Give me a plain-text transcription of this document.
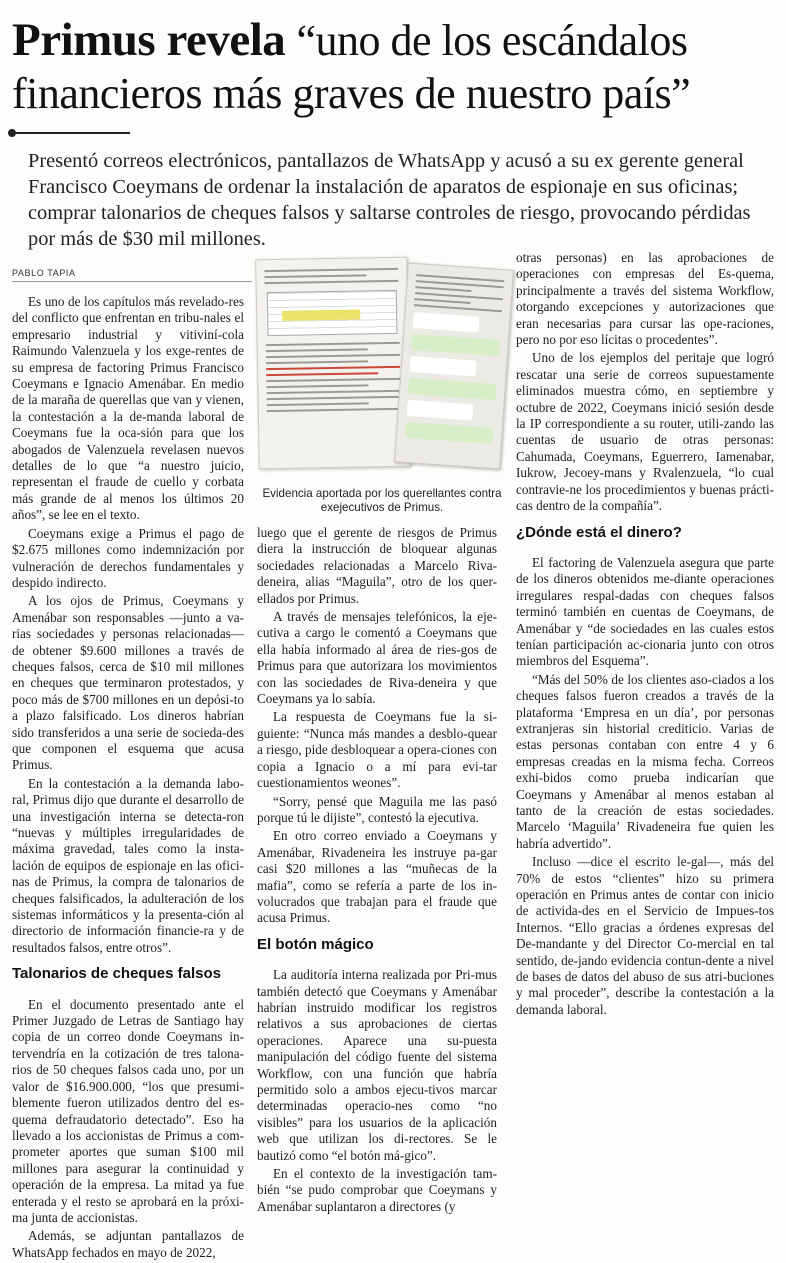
Primus revela “uno de los escándalos financieros más graves de nuestro país”

Presentó correos electrónicos, pantallazos de WhatsApp y acusó a su ex gerente general Francisco Coeymans de ordenar la instalación de aparatos de espionaje en sus oficinas; comprar talonarios de cheques falsos y saltarse controles de riesgo, provocando pérdidas por más de $30 mil millones.

PABLO TAPIA

Es uno de los capítulos más revelado-res del conflicto que enfrentan en tribu-nales el empresario industrial y vitiviní-cola Raimundo Valenzuela y los exge-rentes de su empresa de factoring Primus Francisco Coeymans e Ignacio Amenábar. En medio de la maraña de querellas que van y vienen, la contestación a la de-manda laboral de Coeymans fue la oca-sión para que los abogados de Valenzuela revelasen nuevos detalles de lo que “a nuestro juicio, representan el fraude de cuello y corbata más grande de al menos los últimos 20 años”, se lee en el texto.

Coeymans exige a Primus el pago de $2.675 millones como indemnización por vulneración de derechos fundamentales y despido indirecto.

A los ojos de Primus, Coeymans y Amenábar son responsables —junto a va-rias sociedades y personas relacionadas— de obtener $9.600 millones a través de cheques falsos, cerca de $10 mil millones en cheques que terminaron protestados, y poco más de $700 millones en un depósi-to a plazo falsificado. Los dineros habrían sido transferidos a una serie de socieda-des que componen el esquema que acusa Primus.

En la contestación a la demanda labo-ral, Primus dijo que durante el desarrollo de una investigación interna se detecta-ron “nuevas y múltiples irregularidades de máxima gravedad, tales como la insta-lación de equipos de espionaje en las ofici-nas de Primus, la compra de talonarios de cheques falsificados, la adulteración de los sistemas informáticos y la presenta-ción al directorio de información financie-ra y de resultados falsos, entre otros”.

Talonarios de cheques falsos

En el documento presentado ante el Primer Juzgado de Letras de Santiago hay copia de un correo donde Coeymans in-tervendría en la cotización de tres talona-rios de 50 cheques falsos cada uno, por un valor de $16.900.000, “los que presumi-blemente fueron utilizados dentro del es-quema defraudatorio detectado”. Eso ha llevado a los accionistas de Primus a com-prometer aportes que suman $100 mil millones para asegurar la continuidad y operación de la empresa. La mitad ya fue enterada y el resto se aprobará en la próxi-ma junta de accionistas.

Además, se adjuntan pantallazos de WhatsApp fechados en mayo de 2022,

Evidencia aportada por los querellantes contra exejecutivos de Primus.

luego que el gerente de riesgos de Primus diera la instrucción de bloquear algunas sociedades relacionadas a Marcelo Riva-deneira, alias “Maguila”, otro de los quer-ellados por Primus.

A través de mensajes telefónicos, la eje-cutiva a cargo le comentó a Coeymans que ella había informado al área de ries-gos de Primus para que autorizara los movimientos con las sociedades de Riva-deneira y que Coeymans ya lo sabía.

La respuesta de Coeymans fue la si-guiente: “Nunca más mandes a desblo-quear a riesgo, pide desbloquear a opera-ciones con copia a Ignacio o a mí para evi-tar cuestionamientos weones”.

“Sorry, pensé que Maguila me las pasó porque tú le dijiste”, contestó la ejecutiva.

En otro correo enviado a Coeymans y Amenábar, Rivadeneira les instruye pa-gar casi $20 millones a las “muñecas de la mafia”, como se refería a parte de los in-volucrados que trabajan para el fraude que acusa Primus.

El botón mágico

La auditoría interna realizada por Pri-mus también detectó que Coeymans y Amenábar habrían instruido modificar los registros relativos a sus aprobaciones de ciertas operaciones. Aparece una su-puesta manipulación del código fuente del sistema Workflow, con una función que habría permitido solo a ambos ejecu-tivos marcar determinadas operacio-nes como “no visibles” para los usuarios de la aplicación web que utilizan los di-rectores. Se le bautizó como “el botón má-gico”.

En el contexto de la investigación tam-bién “se pudo comprobar que Coeymans y Amenábar suplantaron a directores (y

otras personas) en las aprobaciones de operaciones con empresas del Es-quema, principalmente a través del sistema Workflow, otorgando excepciones y autorizaciones que eran necesarias para cursar las ope-raciones, pero no por eso lícitas o procedentes”.

Uno de los ejemplos del peritaje que logró rescatar una serie de correos supuestamente eliminados muestra cómo, en septiembre y octubre de 2022, Coeymans inició sesión desde la IP correspondiente a su router, utili-zando las cuentas de usuario de otras personas: Cahumada, Coeymans, Eguerrero, Iamenabar, Iukrow, Jecoey-mans y Rvalenzuela, “lo cual contravie-ne los procedimientos y buenas prácti-cas dentro de la compañía”.

¿Dónde está el dinero?

El factoring de Valenzuela asegura que parte de los dineros obtenidos me-diante operaciones irregulares respal-dadas con cheques falsos terminó también en cuentas de Coeymans, de Amenábar y “de sociedades en las cuales estos tenían participación ac-cionaria junto con otros miembros del Esquema”.

“Más del 50% de los clientes aso-ciados a los cheques falsos fueron creados a través de la plataforma ‘Empresa en un día’, por personas extranjeras sin historial crediticio. Varias de estas personas contaban con entre 4 y 6 empresas creadas en la misma fecha. Correos exhi-bidos como prueba indicarían que Coeymans y Amenábar al menos estaban al tanto de la creación de estas sociedades. Marcelo ‘Maguila’ Rivadeneira fue quien les habría advertido”.

Incluso —dice el escrito le-gal—, más del 70% de estos “clientes” hizo su primera operación en Primus antes de contar con inicio de activida-des en el Servicio de Impues-tos Internos. “Ello gracias a órdenes expresas del De-mandante y del Director Co-mercial en tal sentido, de-jando evidencia contun-dente a nivel de bases de datos del abuso de sus atri-buciones y mal proceder”, describe la contestación a la demanda laboral.
